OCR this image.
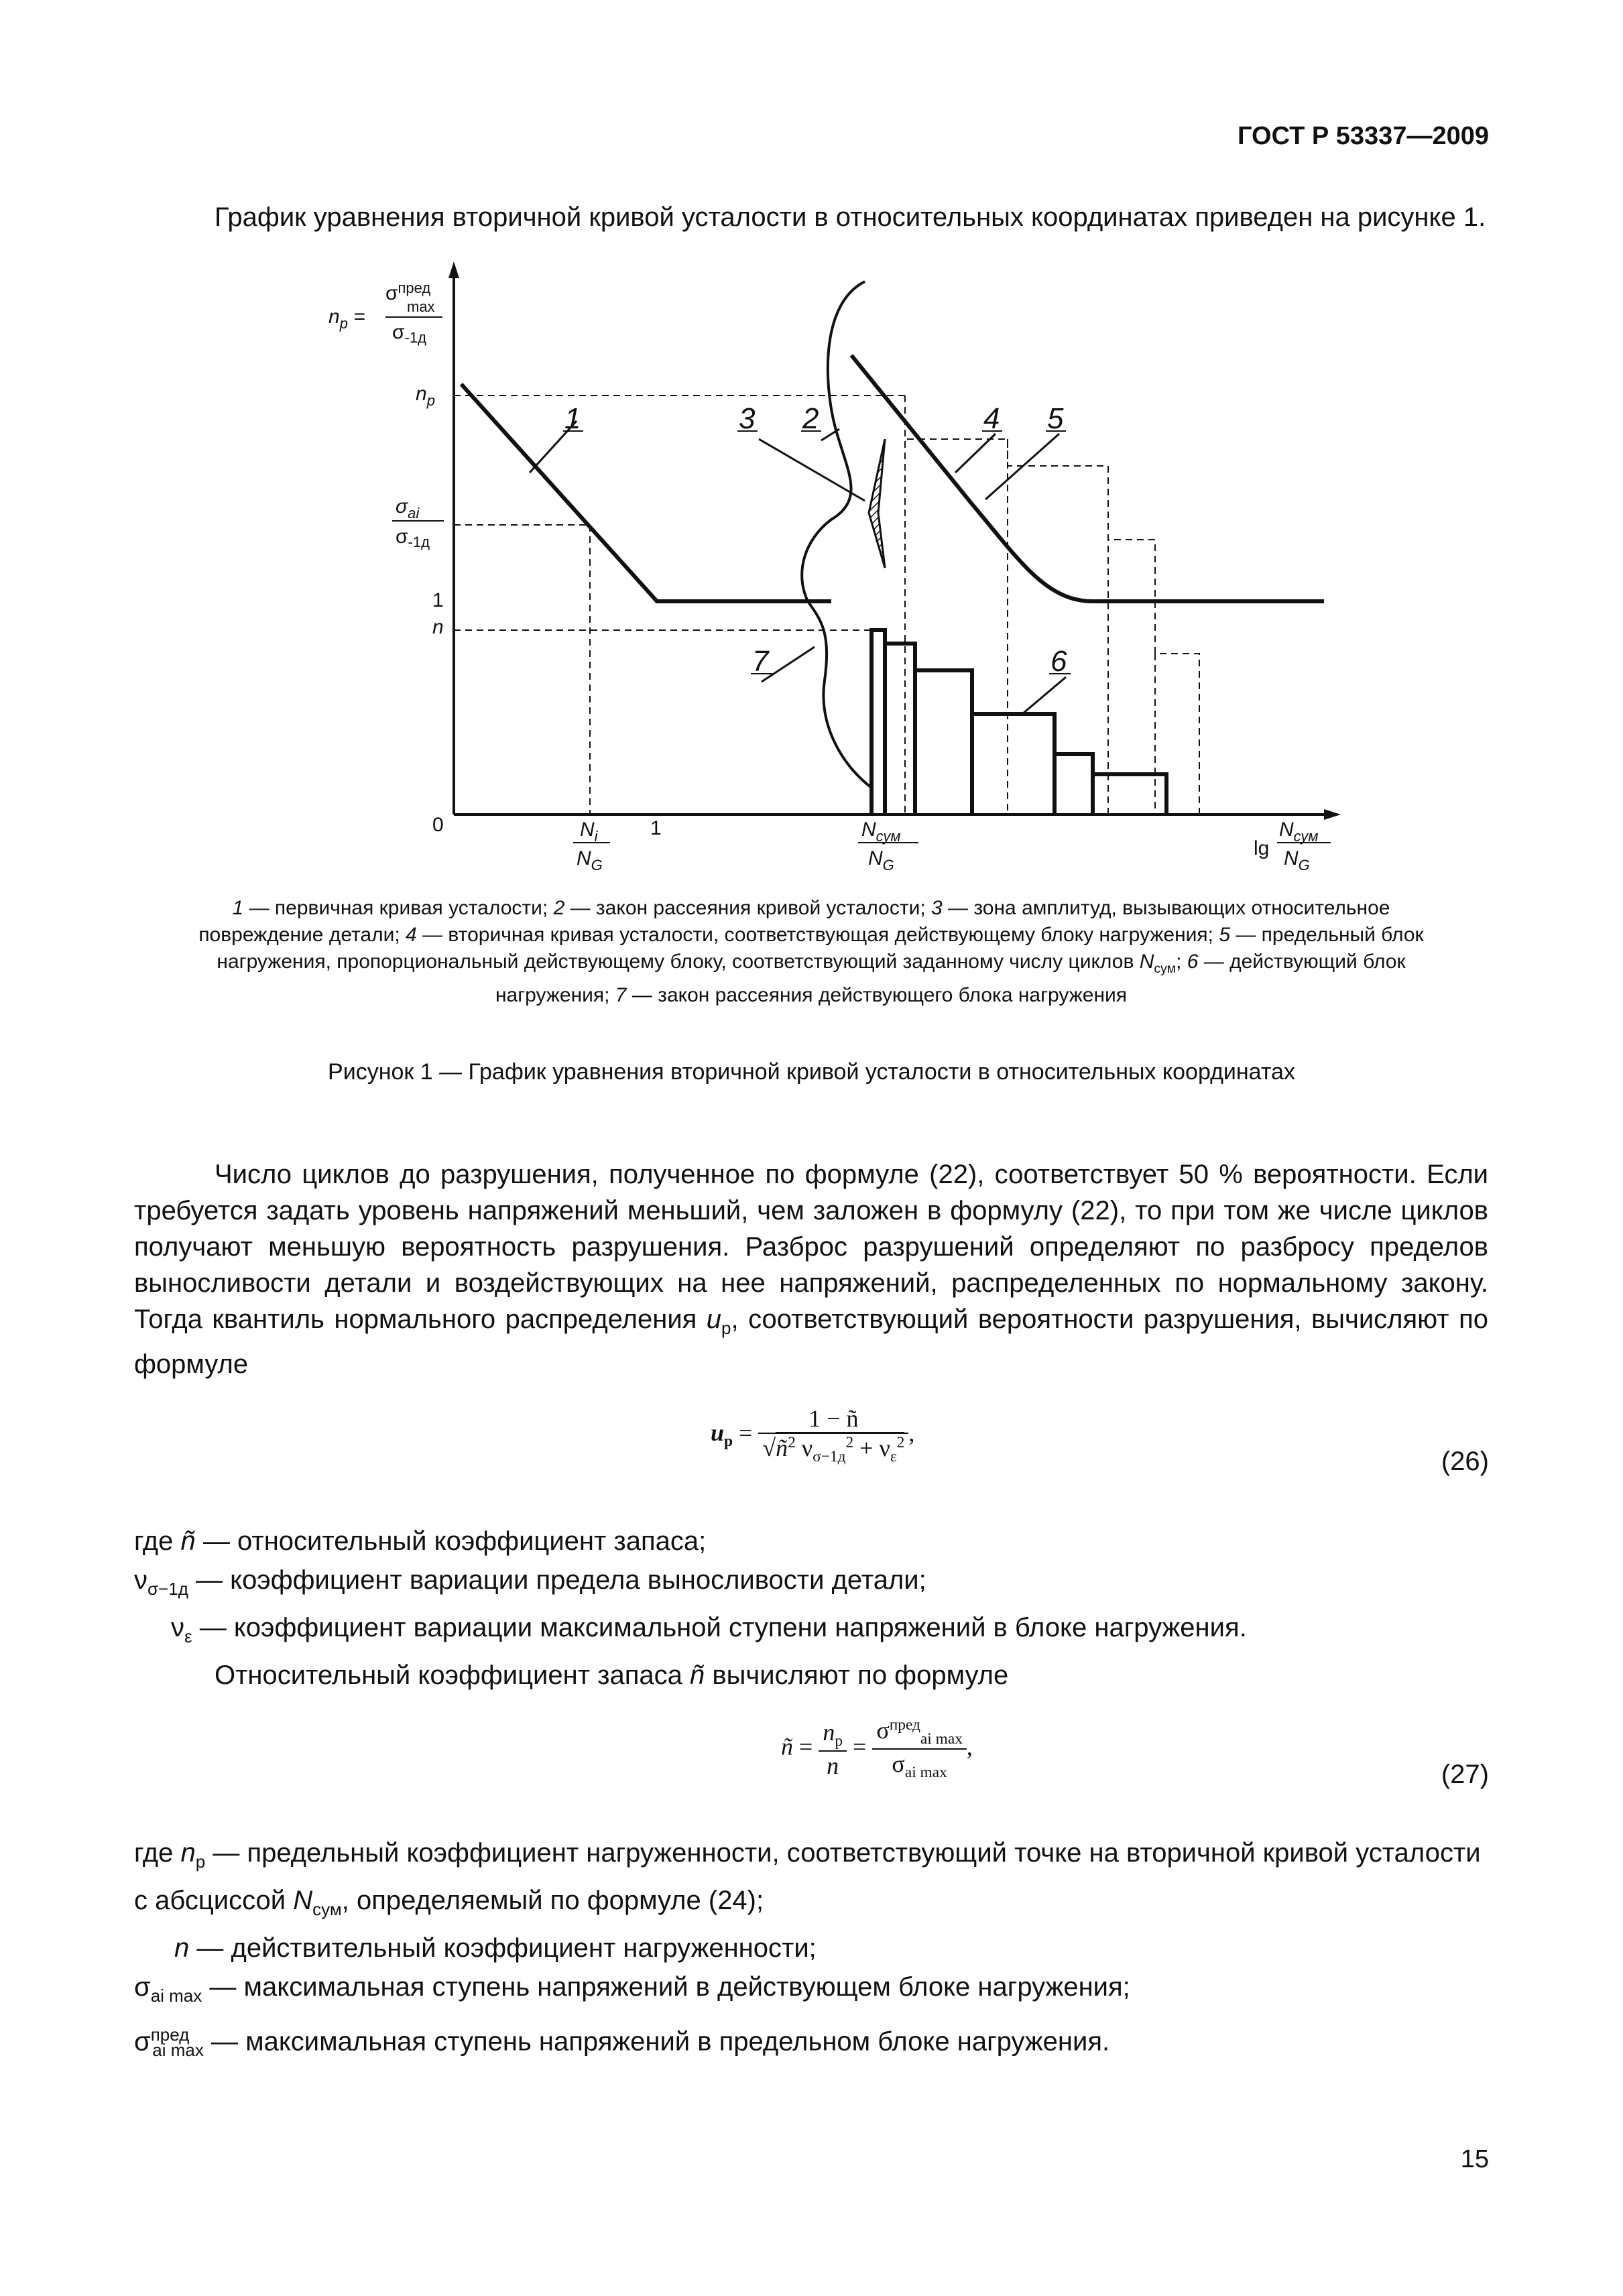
ГОСТ Р 53337—2009
График уравнения вторичной кривой усталости в относительных координатах приведен на рисунке 1.
$n_р$ =
$\sigma^{пред}$
max
$\sigma_{-1д}$
$n_p$
$\sigma_{ai}$
$\sigma_{-1д}$
1
n
0	$N_i$
$N_G$
1	$N_{сум}$
$N_G$
lg
$N_{сум}$
$N_G$
1	2
3	4 5
6
7
1 — первичная кривая усталости; 2 — закон рассеяния кривой усталости; 3 — зона амплитуд, вызывающих относительное повреждение детали; 4 — вторичная кривая усталости, соответствующая действующему блоку нагружения; 5 — предельный блок нагружения, пропорциональный действующему блоку, соответствующий заданному числу циклов $N_{сум}$; 6 — действующий блок нагружения; 7 — закон рассеяния действующего блока нагружения
Рисунок 1 — График уравнения вторичной кривой усталости в относительных координатах

Число циклов до разрушения, полученное по формуле (22), соответствует 50 % вероятности. Если требуется задать уровень напряжений меньший, чем заложен в формулу (22), то при том же числе циклов получают меньшую вероятность разрушения. Разброс разрушений определяют по разбросу пределов выносливости детали и воздействующих на нее напряжений, распределенных по нормальному закону. Тогда квантиль нормального распределения $u_р$, соответствующий вероятности разрушения, вычисляют по формуле

$u_p = \frac{1 - ñ}{√ñ^2 \nu_{\sigma-1д}^2 + \nu_\varepsilon^2}$ ,
(26)
где ñ — относительный коэффициент запаса;
$\nu_{\sigma-1д}$ — коэффициент вариации предела выносливости детали;
$\nu_\varepsilon$ — коэффициент вариации максимальной ступени напряжений в блоке нагружения.
Относительный коэффициент запаса ñ вычисляют по формуле
ñ = $\frac{n_р}{n} = \frac{\sigma^{пред}_{ai max}}{\sigma_{ai max}}$ ,
(27)
где $n_р$ — предельный коэффициент нагруженности, соответствующий точке на вторичной кривой усталости
с абсциссой $N_{сум}$, определяемый по формуле (24);
n — действительный коэффициент нагруженности;
$\sigma_{ai max}$ — максимальная ступень напряжений в действующем блоке нагружения;
$\sigma^{пред}_{ai max}$ — максимальная ступень напряжений в предельном блоке нагружения.
15
